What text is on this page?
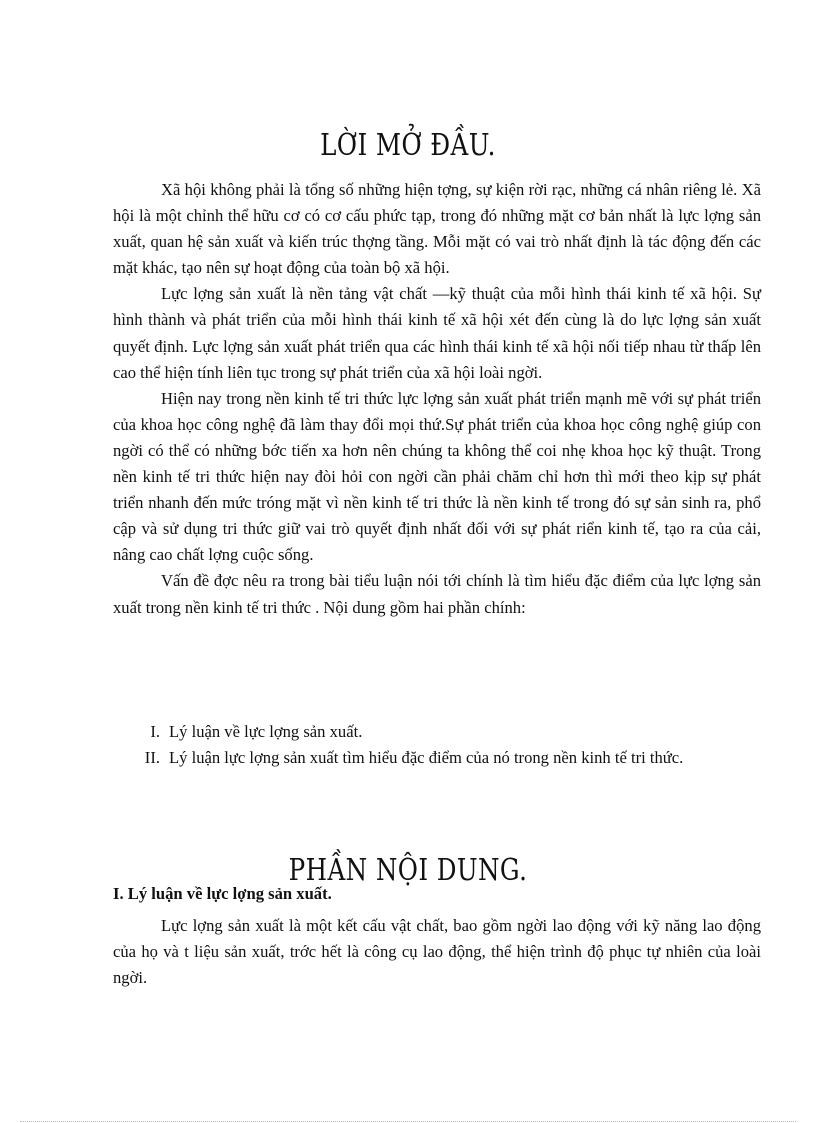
LỜI MỞ ĐẦU.

Xã hội không phải là tổng số những hiện tợng, sự kiện rời rạc, những cá nhân riêng lẻ. Xã hội là một chỉnh thể hữu cơ có cơ cấu phức tạp, trong đó những mặt cơ bản nhất là lực lợng sản xuất, quan hệ sản xuất và kiến trúc thợng tầng. Mỗi mặt có vai trò nhất định là tác động đến các mặt khác, tạo nên sự hoạt động của toàn bộ xã hội.

Lực lợng sản xuất là nền tảng vật chất —kỹ thuật của mỗi hình thái kinh tế xã hội. Sự hình thành và phát triển của mỗi hình thái kinh tế xã hội xét đến cùng là do lực lợng sản xuất quyết định. Lực lợng sản xuất phát triển qua các hình thái kinh tế xã hội nối tiếp nhau từ thấp lên cao thể hiện tính liên tục trong sự phát triển của xã hội loài ngời.

Hiện nay trong nền kinh tế tri thức lực lợng sản xuất phát triển mạnh mẽ với sự phát triển của khoa học công nghệ đã làm thay đổi mọi thứ.Sự phát triển của khoa học công nghệ giúp con ngời có thể có những bớc tiến xa hơn nên chúng ta không thể coi nhẹ khoa học kỹ thuật. Trong nền kinh tế tri thức hiện nay đòi hỏi con ngời cần phải chăm chỉ hơn thì mới theo kịp sự phát triển nhanh đến mức tróng mặt vì nền kinh tế tri thức là nền kinh tế trong đó sự sản sinh ra, phổ cập và sử dụng tri thức giữ vai trò quyết định nhất đối với sự phát riển kinh tế, tạo ra của cải, nâng cao chất lợng cuộc sống.

Vấn đề đợc nêu ra trong bài tiểu luận nói tới chính là tìm hiểu đặc điểm của lực lợng sản xuất trong nền kinh tế tri thức . Nội dung gồm hai phần chính:

I. Lý luận về lực lợng sản xuất.
II. Lý luận lực lợng sản xuất tìm hiểu đặc điểm của nó trong nền kinh tế tri thức.
PHẦN NỘI DUNG.
I. Lý luận về lực lợng sản xuất.

Lực lợng sản xuất là một kết cấu vật chất, bao gồm ngời lao động với kỹ năng lao động của họ và t liệu sản xuất, trớc hết là công cụ lao động, thể hiện trình độ phục tự nhiên của loài ngời.
